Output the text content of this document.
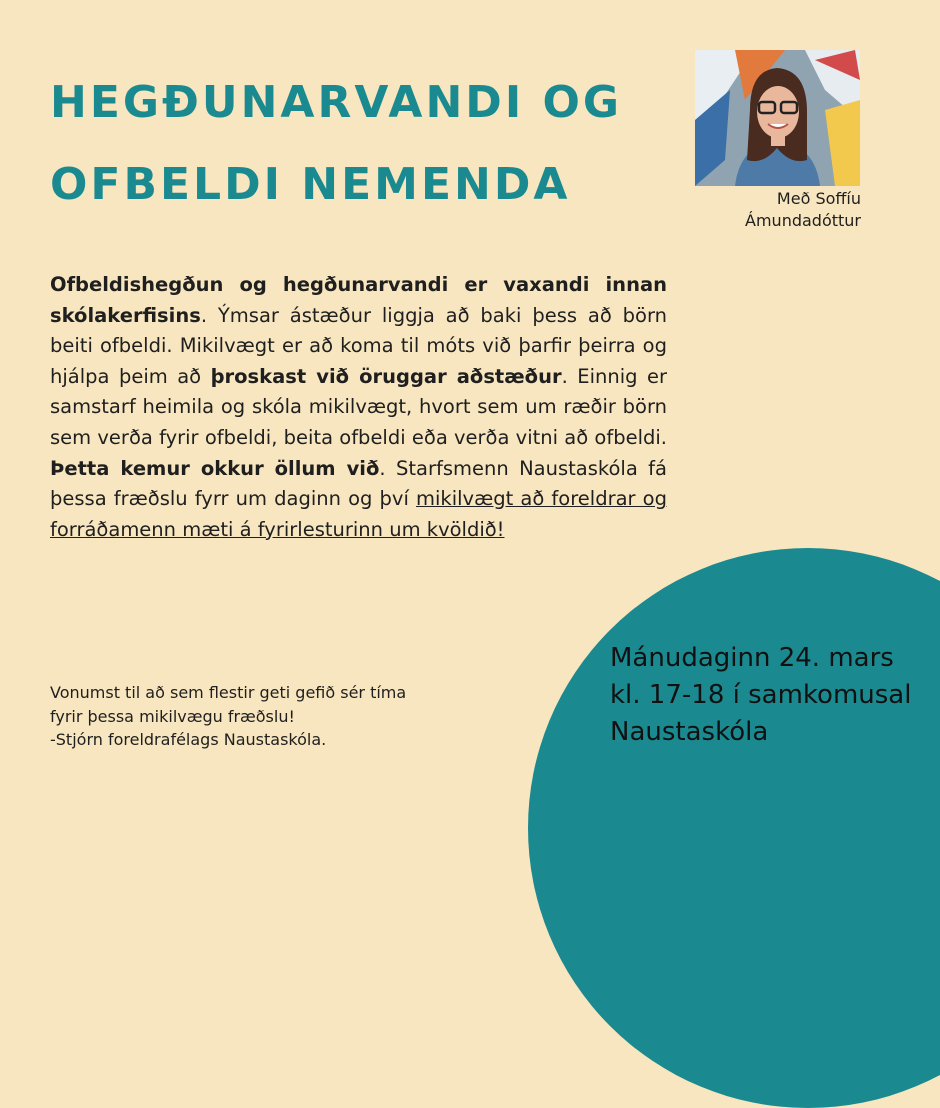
HEGÐUNARVANDI OG
OFBELDI NEMENDA	Með Soffíu
Ámundadóttur

Ofbeldishegðun og hegðunarvandi er vaxandi innan skólakerfisins. Ýmsar ástæður liggja að baki þess að börn beiti ofbeldi. Mikilvægt er að koma til móts við þarfir þeirra og hjálpa þeim að þroskast við öruggar aðstæður. Einnig er samstarf heimila og skóla mikilvægt, hvort sem um ræðir börn sem verða fyrir ofbeldi, beita ofbeldi eða verða vitni að ofbeldi. Þetta kemur okkur öllum við. Starfsmenn Naustaskóla fá þessa fræðslu fyrr um daginn og því mikilvægt að foreldrar og forráðamenn mæti á fyrirlesturinn um kvöldið!

Vonumst til að sem flestir geti gefið sér tíma
fyrir þessa mikilvægu fræðslu!
-Stjórn foreldrafélags Naustaskóla.
Mánudaginn 24. mars
kl. 17-18 í samkomusal
Naustaskóla
